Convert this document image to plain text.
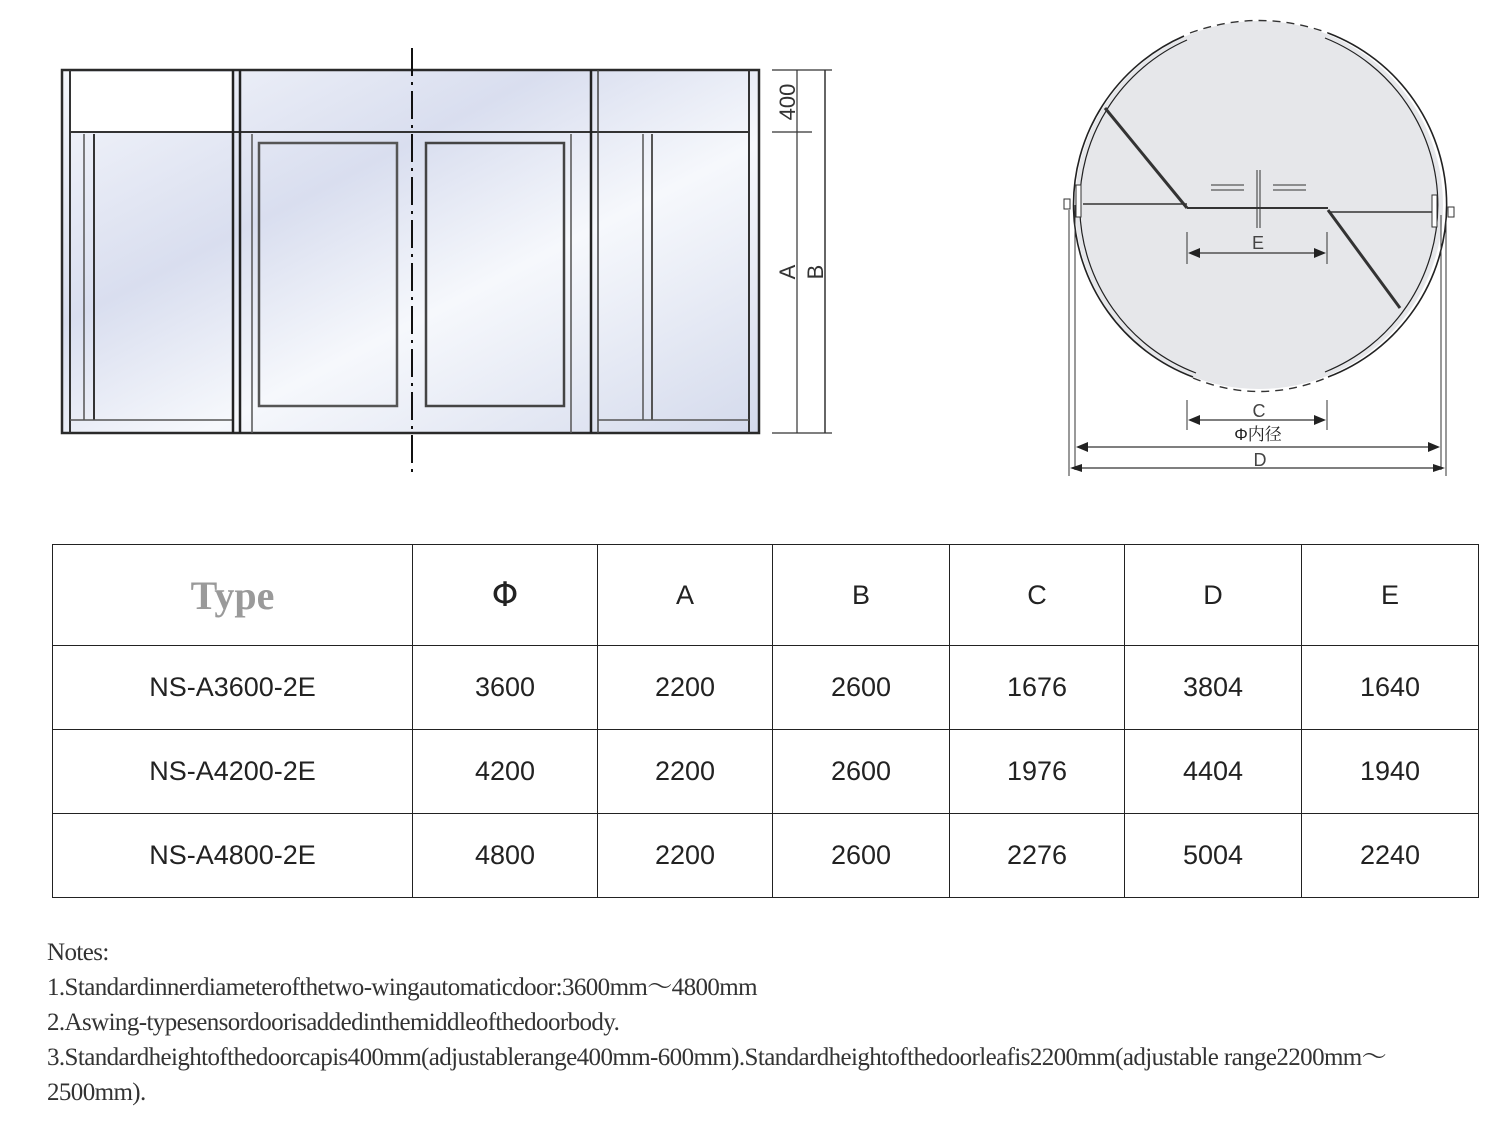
400
A B
E
C
Φ内径
D
Type	Φ	A	B	C	D	E
NS-A3600-2E	3600	2200	2600	1676	3804	1640
NS-A4200-2E	4200	2200	2600	1976	4404	1940
NS-A4800-2E	4800	2200	2600	2276	5004	2240
Notes:
1.Standardinnerdiameterofthetwo-wingautomaticdoor:3600mm～4800mm
2.Aswing-typesensordoorisaddedinthemiddleofthedoorbody.
3.Standardheightofthedoorcapis400mm(adjustablerange400mm-600mm).Standardheightofthedoorleafis2200mm(adjustable range2200mm～2500mm).
